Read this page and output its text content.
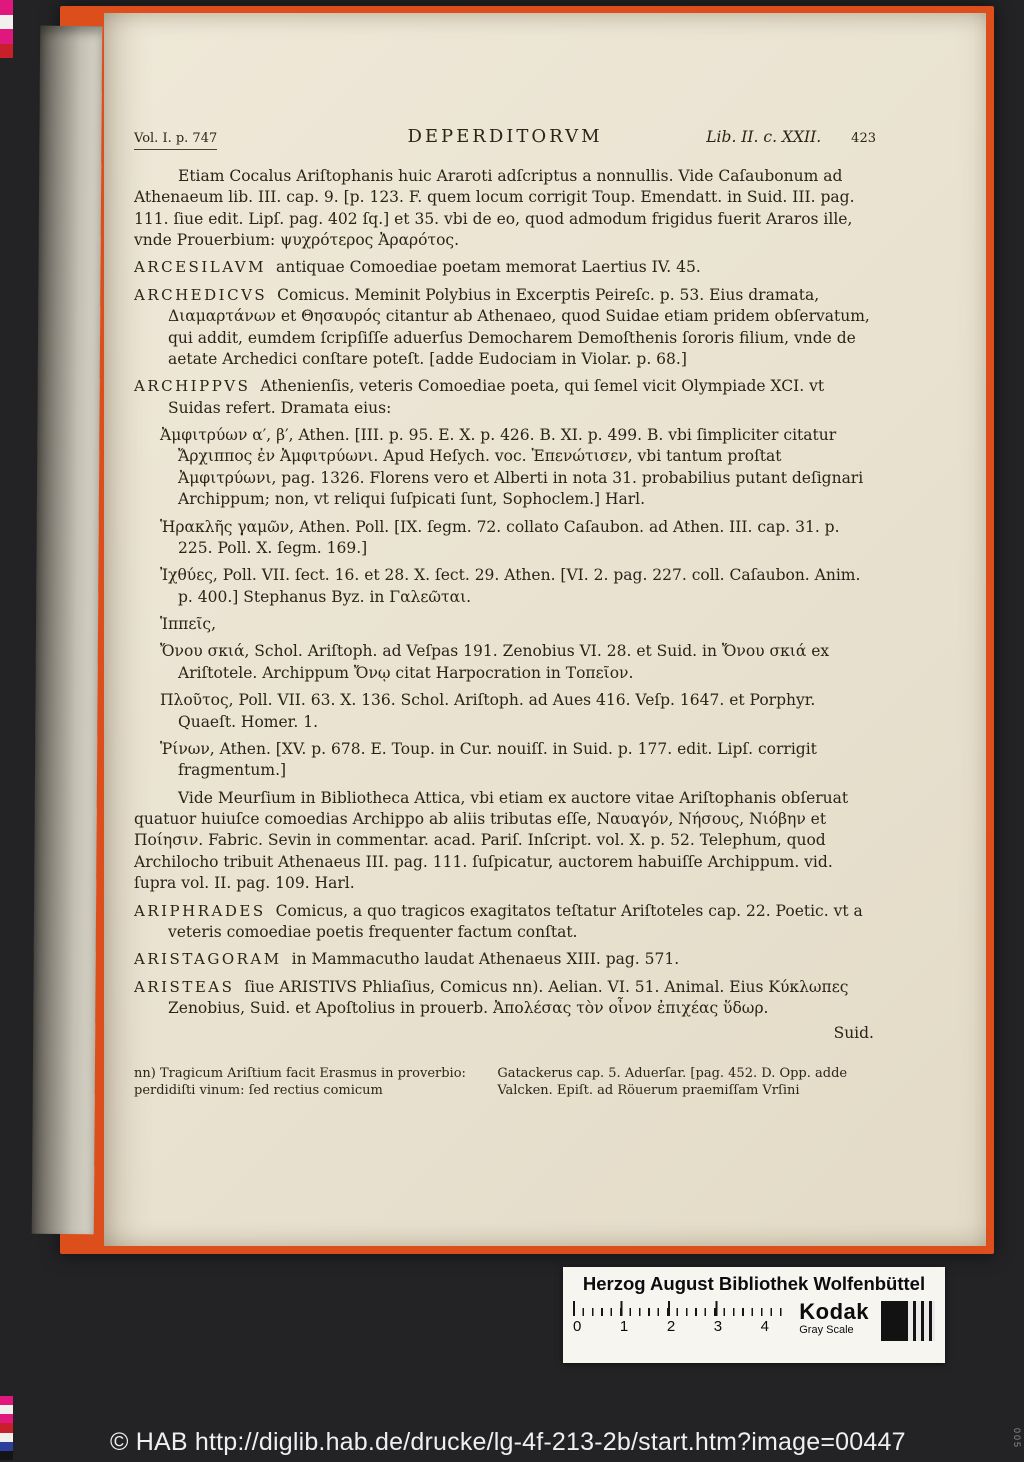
Vol. I. p. 747	DEPERDITORVM	Lib. II. c. XXII. 423

Etiam Cocalus Ariſtophanis huic Araroti adſcriptus a nonnullis. Vide Caſaubonum ad Athenaeum lib. III. cap. 9. [p. 123. F. quem locum corrigit Toup. Emendatt. in Suid. III. pag. 111. ſiue edit. Lipſ. pag. 402 ſq.] et 35. vbi de eo, quod admodum frigidus fuerit Araros ille, vnde Prouerbium: ψυχρότερος Ἀραρότος.

ARCESILAVM antiquae Comoediae poetam memorat Laertius IV. 45.

ARCHEDICVS Comicus. Meminit Polybius in Excerptis Peireſc. p. 53. Eius dramata, Διαμαρτάνων et Θησαυρός citantur ab Athenaeo, quod Suidae etiam pridem obſervatum, qui addit, eumdem ſcripſiſſe aduerſus Democharem Demoſthenis ſororis filium, vnde de aetate Archedici conſtare poteſt. [adde Eudociam in Violar. p. 68.]

ARCHIPPVS Athenienſis, veteris Comoediae poeta, qui ſemel vicit Olympiade XCI. vt Suidas refert. Dramata eius:

Ἀμφιτρύων α′, β′, Athen. [III. p. 95. E. X. p. 426. B. XI. p. 499. B. vbi ſimpliciter citatur Ἄρχιππος ἐν Ἀμφιτρύωνι. Apud Heſych. voc. Ἐπενώτισεν, vbi tantum proſtat Ἀμφιτρύωνι, pag. 1326. Florens vero et Alberti in nota 31. probabilius putant deſignari Archippum; non, vt reliqui ſuſpicati ſunt, Sophoclem.] Harl.

Ἡρακλῆς γαμῶν, Athen. Poll. [IX. ſegm. 72. collato Caſaubon. ad Athen. III. cap. 31. p. 225. Poll. X. ſegm. 169.]

Ἰχθύες, Poll. VII. ſect. 16. et 28. X. ſect. 29. Athen. [VI. 2. pag. 227. coll. Caſaubon. Anim. p. 400.] Stephanus Byz. in Γαλεῶται.

Ἱππεῖς,

Ὄνου σκιά, Schol. Ariſtoph. ad Veſpas 191. Zenobius VI. 28. et Suid. in Ὄνου σκιά ex Ariſtotele. Archippum Ὄνῳ citat Harpocration in Τοπεῖον.

Πλοῦτος, Poll. VII. 63. X. 136. Schol. Ariſtoph. ad Aues 416. Veſp. 1647. et Porphyr. Quaeſt. Homer. 1.

Ῥίνων, Athen. [XV. p. 678. E. Toup. in Cur. nouiſſ. in Suid. p. 177. edit. Lipſ. corrigit fragmentum.]

Vide Meurſium in Bibliotheca Attica, vbi etiam ex auctore vitae Ariſtophanis obſeruat quatuor huiuſce comoedias Archippo ab aliis tributas eſſe, Ναυαγόν, Νήσους, Νιόβην et Ποίησιν. Fabric. Sevin in commentar. acad. Pariſ. Inſcript. vol. X. p. 52. Telephum, quod Archilocho tribuit Athenaeus III. pag. 111. ſuſpicatur, auctorem habuiſſe Archippum. vid. ſupra vol. II. pag. 109. Harl.

ARIPHRADES Comicus, a quo tragicos exagitatos teſtatur Ariſtoteles cap. 22. Poetic. vt a veteris comoediae poetis frequenter factum conſtat.

ARISTAGORAM in Mammacutho laudat Athenaeus XIII. pag. 571.

ARISTEAS ſiue ARISTIVS Phliaſius, Comicus nn). Aelian. VI. 51. Animal. Eius Κύκλωπες Zenobius, Suid. et Apoſtolius in prouerb. Ἀπολέσας τὸν οἶνον ἐπιχέας ὕδωρ.

Suid.
nn) Tragicum Ariſtium facit Erasmus in proverbio: perdidiſti vinum: ſed rectius comicum
Gatackerus cap. 5. Aduerſar. [pag. 452. D. Opp. adde Valcken. Epiſt. ad Röuerum praemiſſam Vrſini
Herzog August Bibliothek Wolfenbüttel
0	1	2	3	4
Kodak
Gray Scale
© HAB http://diglib.hab.de/drucke/lg-4f-213-2b/start.htm?image=00447	005
